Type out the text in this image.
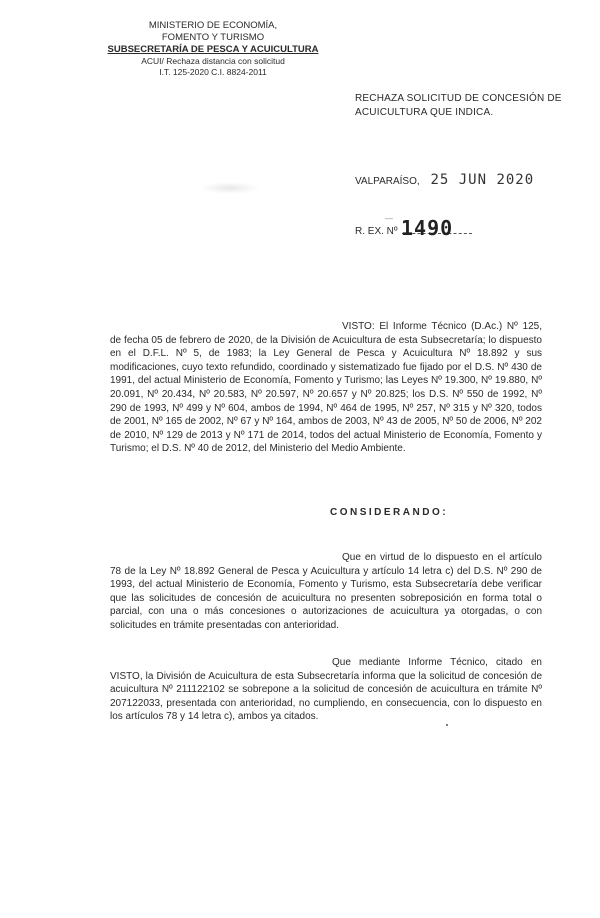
MINISTERIO DE ECONOMÍA,
FOMENTO Y TURISMO
SUBSECRETARÍA DE PESCA Y ACUICULTURA
ACUI/ Rechaza distancia con solicitud
I.T. 125-2020 C.I. 8824-2011
RECHAZA SOLICITUD DE CONCESIÓN DE ACUICULTURA QUE INDICA.
VALPARAÍSO, 25 JUN 2020
—
R. EX. Nº 1490

VISTO: El Informe Técnico (D.Ac.) Nº 125, de fecha 05 de febrero de 2020, de la División de Acuicultura de esta Subsecretaría; lo dispuesto en el D.F.L. Nº 5, de 1983; la Ley General de Pesca y Acuicultura Nº 18.892 y sus modificaciones, cuyo texto refundido, coordinado y sistematizado fue fijado por el D.S. Nº 430 de 1991, del actual Ministerio de Economía, Fomento y Turismo; las Leyes Nº 19.300, Nº 19.880, Nº 20.091, Nº 20.434, Nº 20.583, Nº 20.597, Nº 20.657 y Nº 20.825; los D.S. Nº 550 de 1992, Nº 290 de 1993, Nº 499 y Nº 604, ambos de 1994, Nº 464 de 1995, Nº 257, Nº 315 y Nº 320, todos de 2001, Nº 165 de 2002, Nº 67 y Nº 164, ambos de 2003, Nº 43 de 2005, Nº 50 de 2006, Nº 202 de 2010, Nº 129 de 2013 y Nº 171 de 2014, todos del actual Ministerio de Economía, Fomento y Turismo; el D.S. Nº 40 de 2012, del Ministerio del Medio Ambiente.

CONSIDERANDO:

Que en virtud de lo dispuesto en el artículo 78 de la Ley Nº 18.892 General de Pesca y Acuicultura y artículo 14 letra c) del D.S. Nº 290 de 1993, del actual Ministerio de Economía, Fomento y Turismo, esta Subsecretaría debe verificar que las solicitudes de concesión de acuicultura no presenten sobreposición en forma total o parcial, con una o más concesiones o autorizaciones de acuicultura ya otorgadas, o con solicitudes en trámite presentadas con anterioridad.

Que mediante Informe Técnico, citado en VISTO, la División de Acuicultura de esta Subsecretaría informa que la solicitud de concesión de acuicultura Nº 211122102 se sobrepone a la solicitud de concesión de acuicultura en trámite Nº 207122033, presentada con anterioridad, no cumpliendo, en consecuencia, con lo dispuesto en los artículos 78 y 14 letra c), ambos ya citados.
